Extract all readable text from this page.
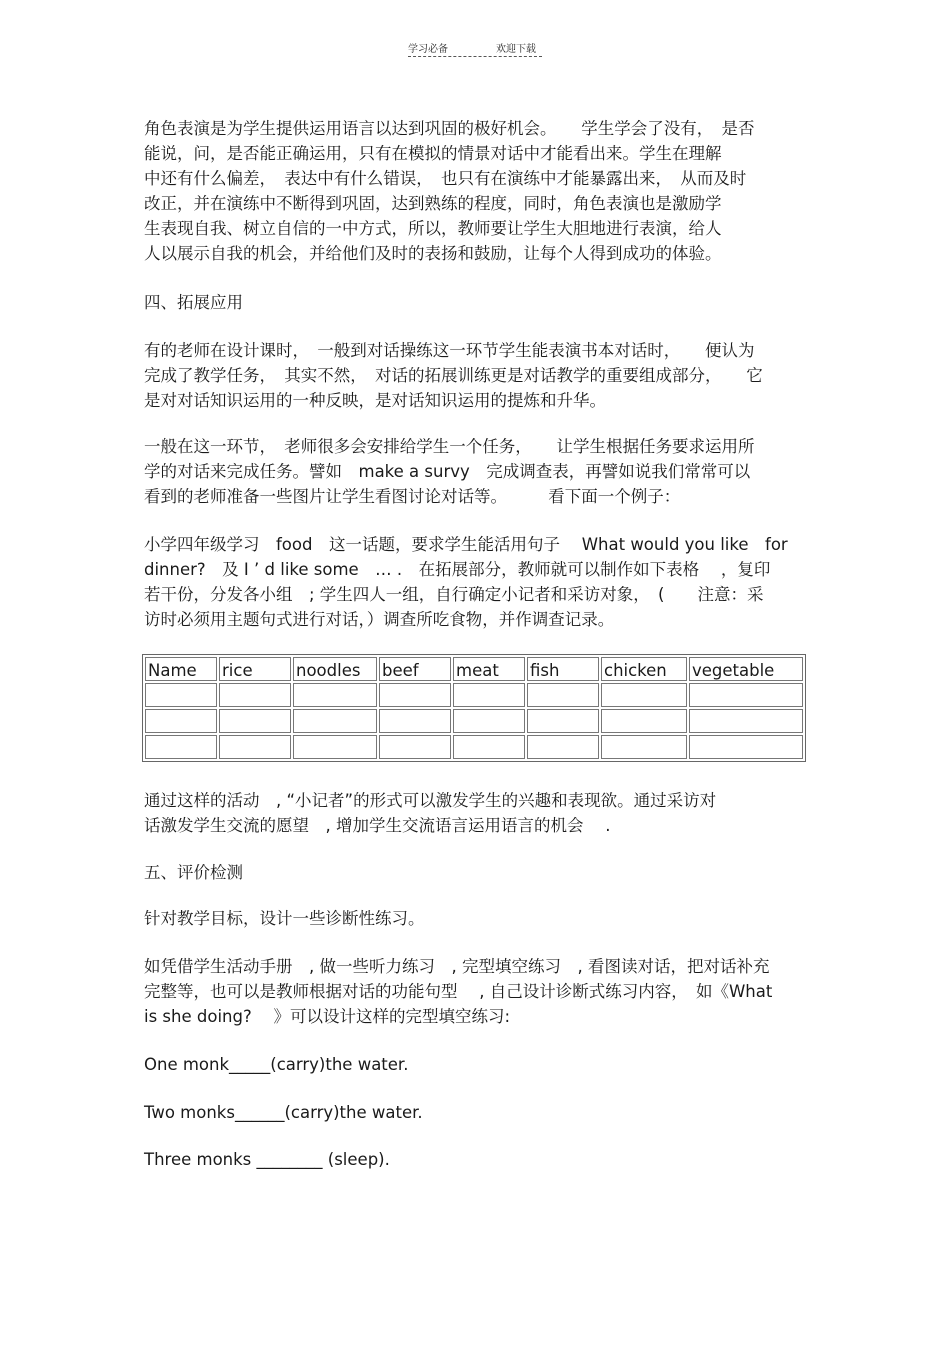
学习必备	欢迎下载
角色表演是为学生提供运用语言以达到巩固的极好机会。　　学生学会了没有，　是否
能说，问，是否能正确运用，只有在模拟的情景对话中才能看出来。学生在理解
中还有什么偏差，　表达中有什么错误，　也只有在演练中才能暴露出来，　从而及时
改正，并在演练中不断得到巩固，达到熟练的程度，同时，角色表演也是激励学
生表现自我、树立自信的一中方式，所以，教师要让学生大胆地进行表演，给人
人以展示自我的机会，并给他们及时的表扬和鼓励，让每个人得到成功的体验。
四、拓展应用
有的老师在设计课时，　一般到对话操练这一环节学生能表演书本对话时，　　便认为
完成了教学任务，　其实不然，　对话的拓展训练更是对话教学的重要组成部分，　　它
是对对话知识运用的一种反映，是对话知识运用的提炼和升华。
一般在这一环节，　老师很多会安排给学生一个任务，　　让学生根据任务要求运用所
学的对话来完成任务。譬如　make a survy　完成调查表，再譬如说我们常常可以
看到的老师准备一些图片让学生看图讨论对话等。　　　看下面一个例子：
小学四年级学习　food　这一话题，要求学生能活用句子　 What would you like　for
dinner?　及 I ’ d like some　… .　在拓展部分，教师就可以制作如下表格　 ，复印
若干份，分发各小组　; 学生四人一组，自行确定小记者和采访对象，　(　　注意：采
访时必须用主题句式进行对话，）调查所吃食物，并作调查记录。
Name	rice	noodles	beef	meat	fish	chicken	vegetable

通过这样的活动　, “小记者”的形式可以激发学生的兴趣和表现欲。通过采访对
话激发学生交流的愿望　, 增加学生交流语言运用语言的机会　 .
五、评价检测
针对教学目标，设计一些诊断性练习。
如凭借学生活动手册　, 做一些听力练习　, 完型填空练习　, 看图读对话，把对话补充
完整等，也可以是教师根据对话的功能句型　 , 自己设计诊断式练习内容，　如《What
is she doing?　 》可以设计这样的完型填空练习:
One monk_____(carry)the water.
Two monks______(carry)the water.
Three monks ________ (sleep).
